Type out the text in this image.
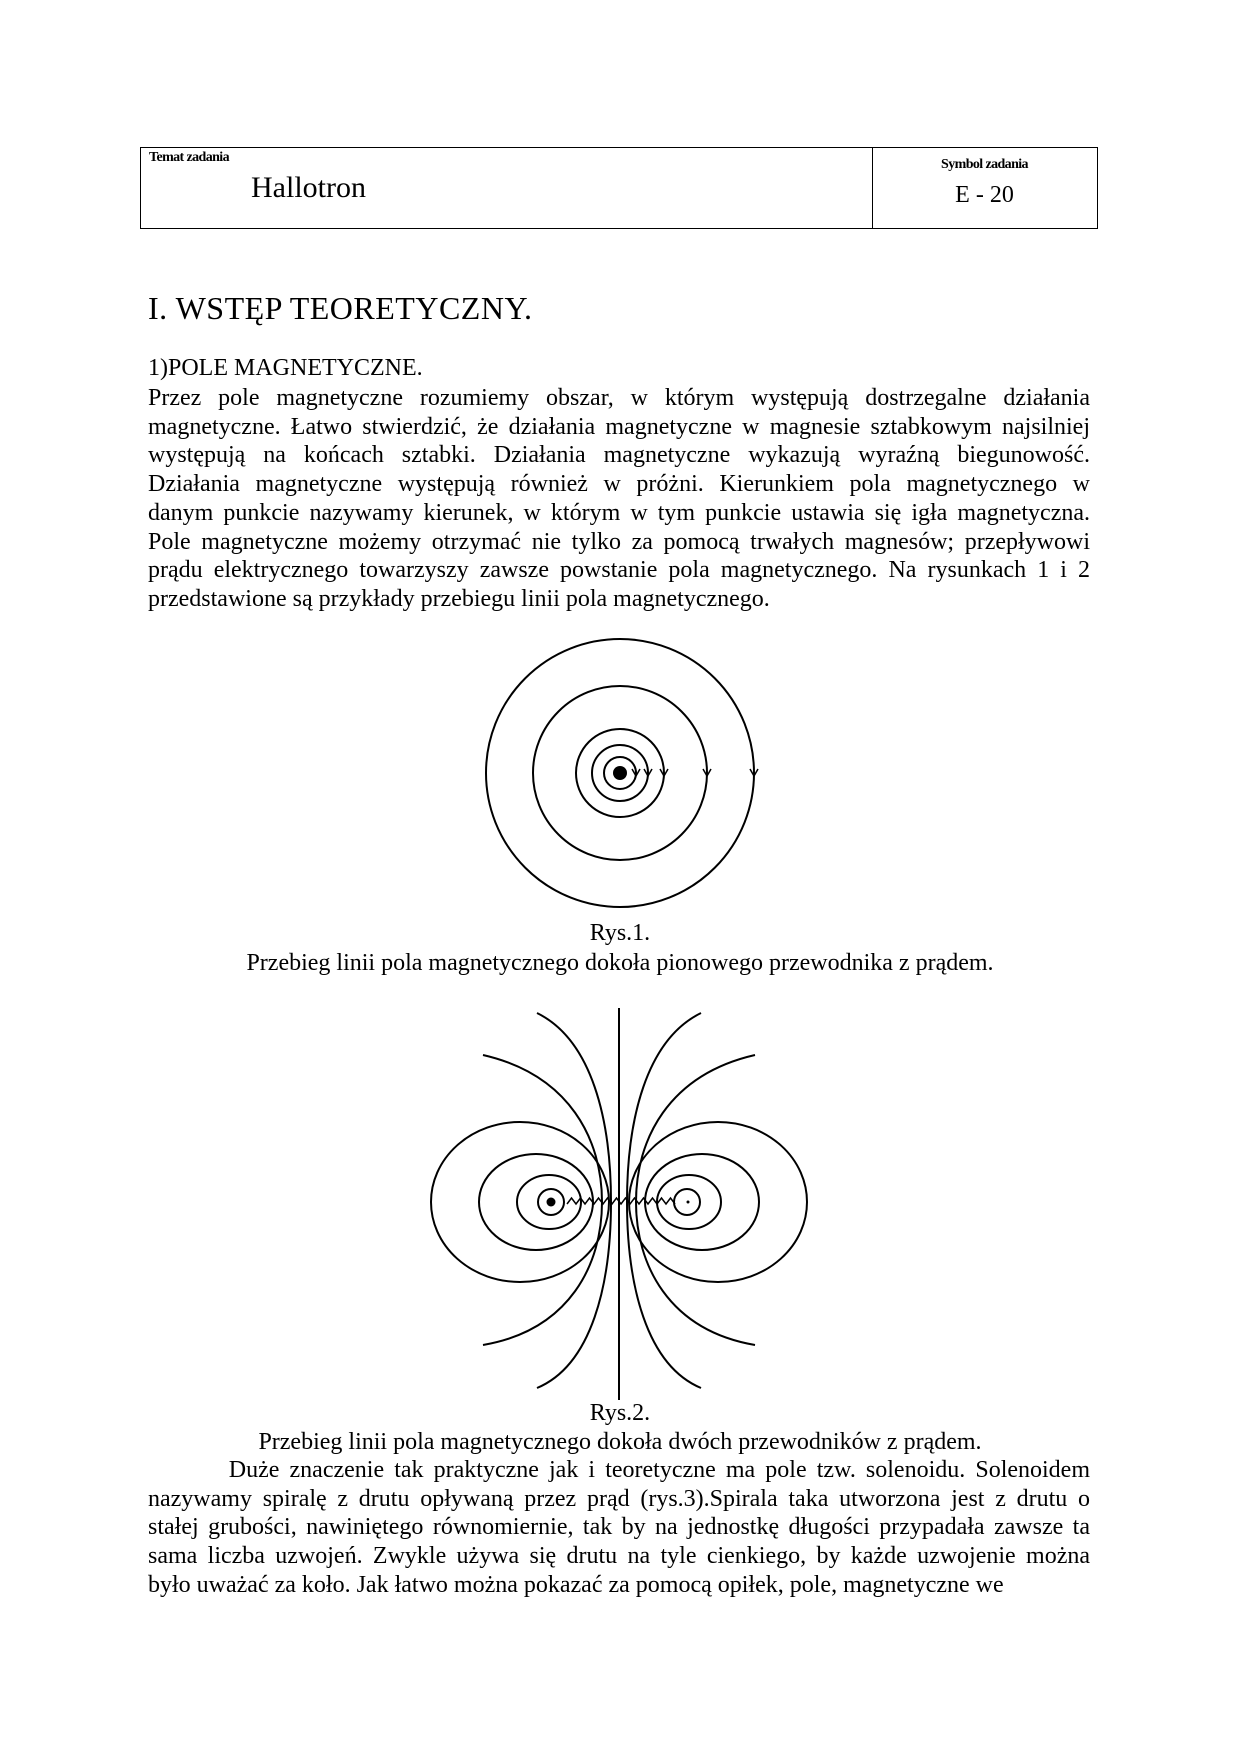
Temat zadania
Hallotron
Symbol zadania
E - 20
I. WSTĘP TEORETYCZNY.
1)POLE MAGNETYCZNE.
Przez pole magnetyczne rozumiemy obszar, w którym występują dostrzegalne działania
magnetyczne. Łatwo stwierdzić, że działania magnetyczne w magnesie sztabkowym najsilniej
występują na końcach sztabki. Działania magnetyczne wykazują wyraźną biegunowość.
Działania magnetyczne występują również w próżni. Kierunkiem pola magnetycznego w
danym punkcie nazywamy kierunek, w którym w tym punkcie ustawia się igła magnetyczna.
Pole magnetyczne możemy otrzymać nie tylko za pomocą trwałych magnesów; przepływowi
prądu elektrycznego towarzyszy zawsze powstanie pola magnetycznego. Na rysunkach 1 i 2
przedstawione są przykłady przebiegu linii pola magnetycznego.
Rys.1.
Przebieg linii pola magnetycznego dokoła pionowego przewodnika z prądem.
Rys.2.
Przebieg linii pola magnetycznego dokoła dwóch przewodników z prądem.
Duże znaczenie tak praktyczne jak i teoretyczne ma pole tzw. solenoidu. Solenoidem
nazywamy spiralę z drutu opływaną przez prąd (rys.3).Spirala taka utworzona jest z drutu o
stałej grubości, nawiniętego równomiernie, tak by na jednostkę długości przypadała zawsze ta
sama liczba uzwojeń. Zwykle używa się drutu na tyle cienkiego, by każde uzwojenie można
było uważać za koło. Jak łatwo można pokazać za pomocą opiłek, pole, magnetyczne we
